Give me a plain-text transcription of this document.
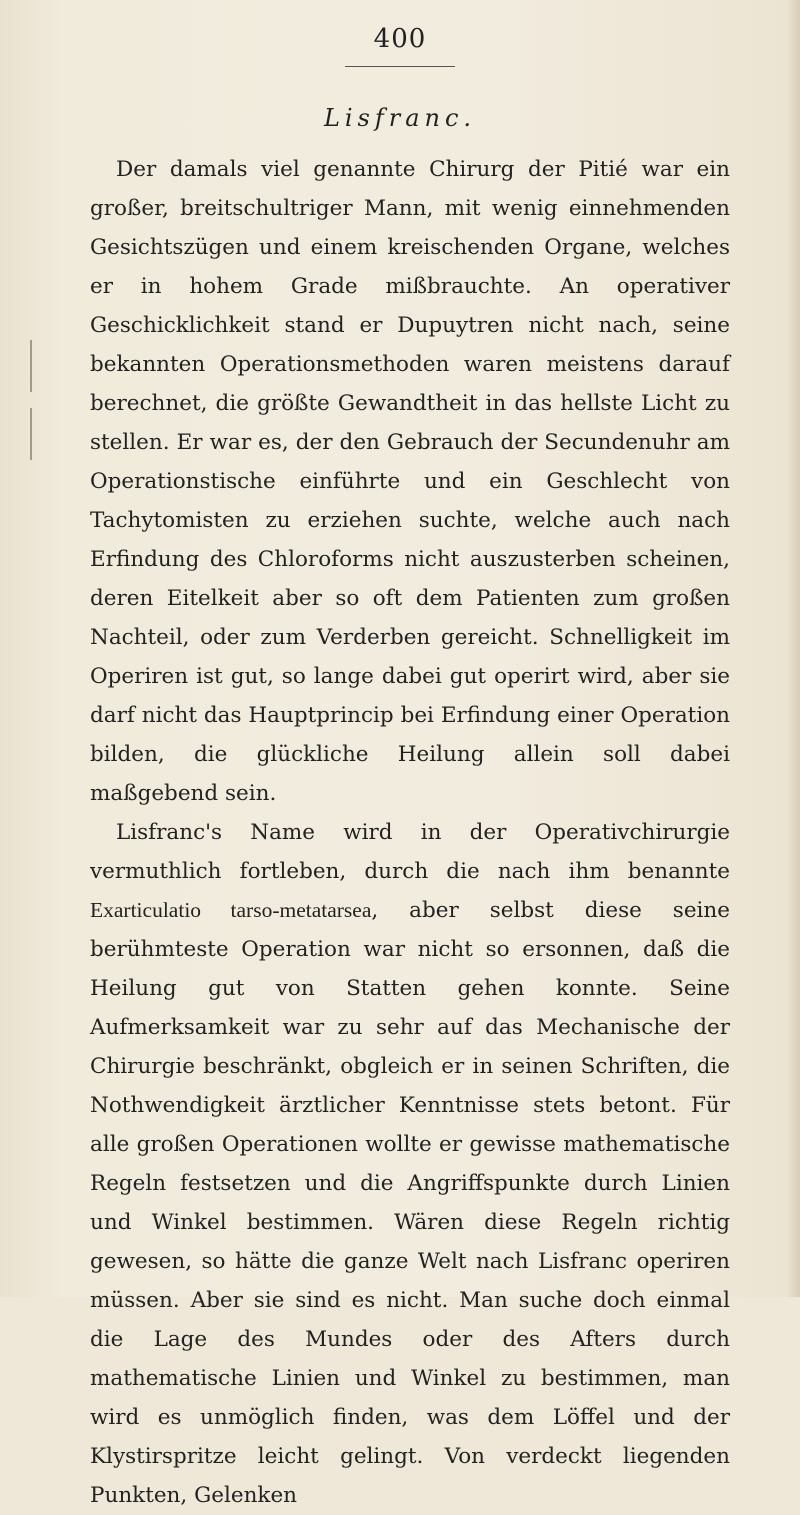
400
Lisfranc.

Der damals viel genannte Chirurg der Pitié war ein großer, breitschultriger Mann, mit wenig einnehmenden Gesichtszügen und einem kreischenden Organe, welches er in hohem Grade mißbrauchte. An operativer Geschicklichkeit stand er Dupuytren nicht nach, seine bekannten Operationsmethoden waren meistens darauf berechnet, die größte Gewandtheit in das hellste Licht zu stellen. Er war es, der den Gebrauch der Secundenuhr am Operationstische einführte und ein Geschlecht von Tachytomisten zu erziehen suchte, welche auch nach Erfindung des Chloroforms nicht auszusterben scheinen, deren Eitelkeit aber so oft dem Patienten zum großen Nachteil, oder zum Verderben gereicht. Schnelligkeit im Operiren ist gut, so lange dabei gut operirt wird, aber sie darf nicht das Hauptprincip bei Erfindung einer Operation bilden, die glückliche Heilung allein soll dabei maßgebend sein.

Lisfranc's Name wird in der Operativchirurgie vermuthlich fortleben, durch die nach ihm benannte Exarticulatio tarso-metatarsea, aber selbst diese seine berühmteste Operation war nicht so ersonnen, daß die Heilung gut von Statten gehen konnte. Seine Aufmerksamkeit war zu sehr auf das Mechanische der Chirurgie beschränkt, obgleich er in seinen Schriften, die Nothwendigkeit ärztlicher Kenntnisse stets betont. Für alle großen Operationen wollte er gewisse mathematische Regeln festsetzen und die Angriffspunkte durch Linien und Winkel bestimmen. Wären diese Regeln richtig gewesen, so hätte die ganze Welt nach Lisfranc operiren müssen. Aber sie sind es nicht. Man suche doch einmal die Lage des Mundes oder des Afters durch mathematische Linien und Winkel zu bestimmen, man wird es unmöglich finden, was dem Löffel und der Klystirspritze leicht gelingt. Von verdeckt liegenden Punkten, Gelenken
